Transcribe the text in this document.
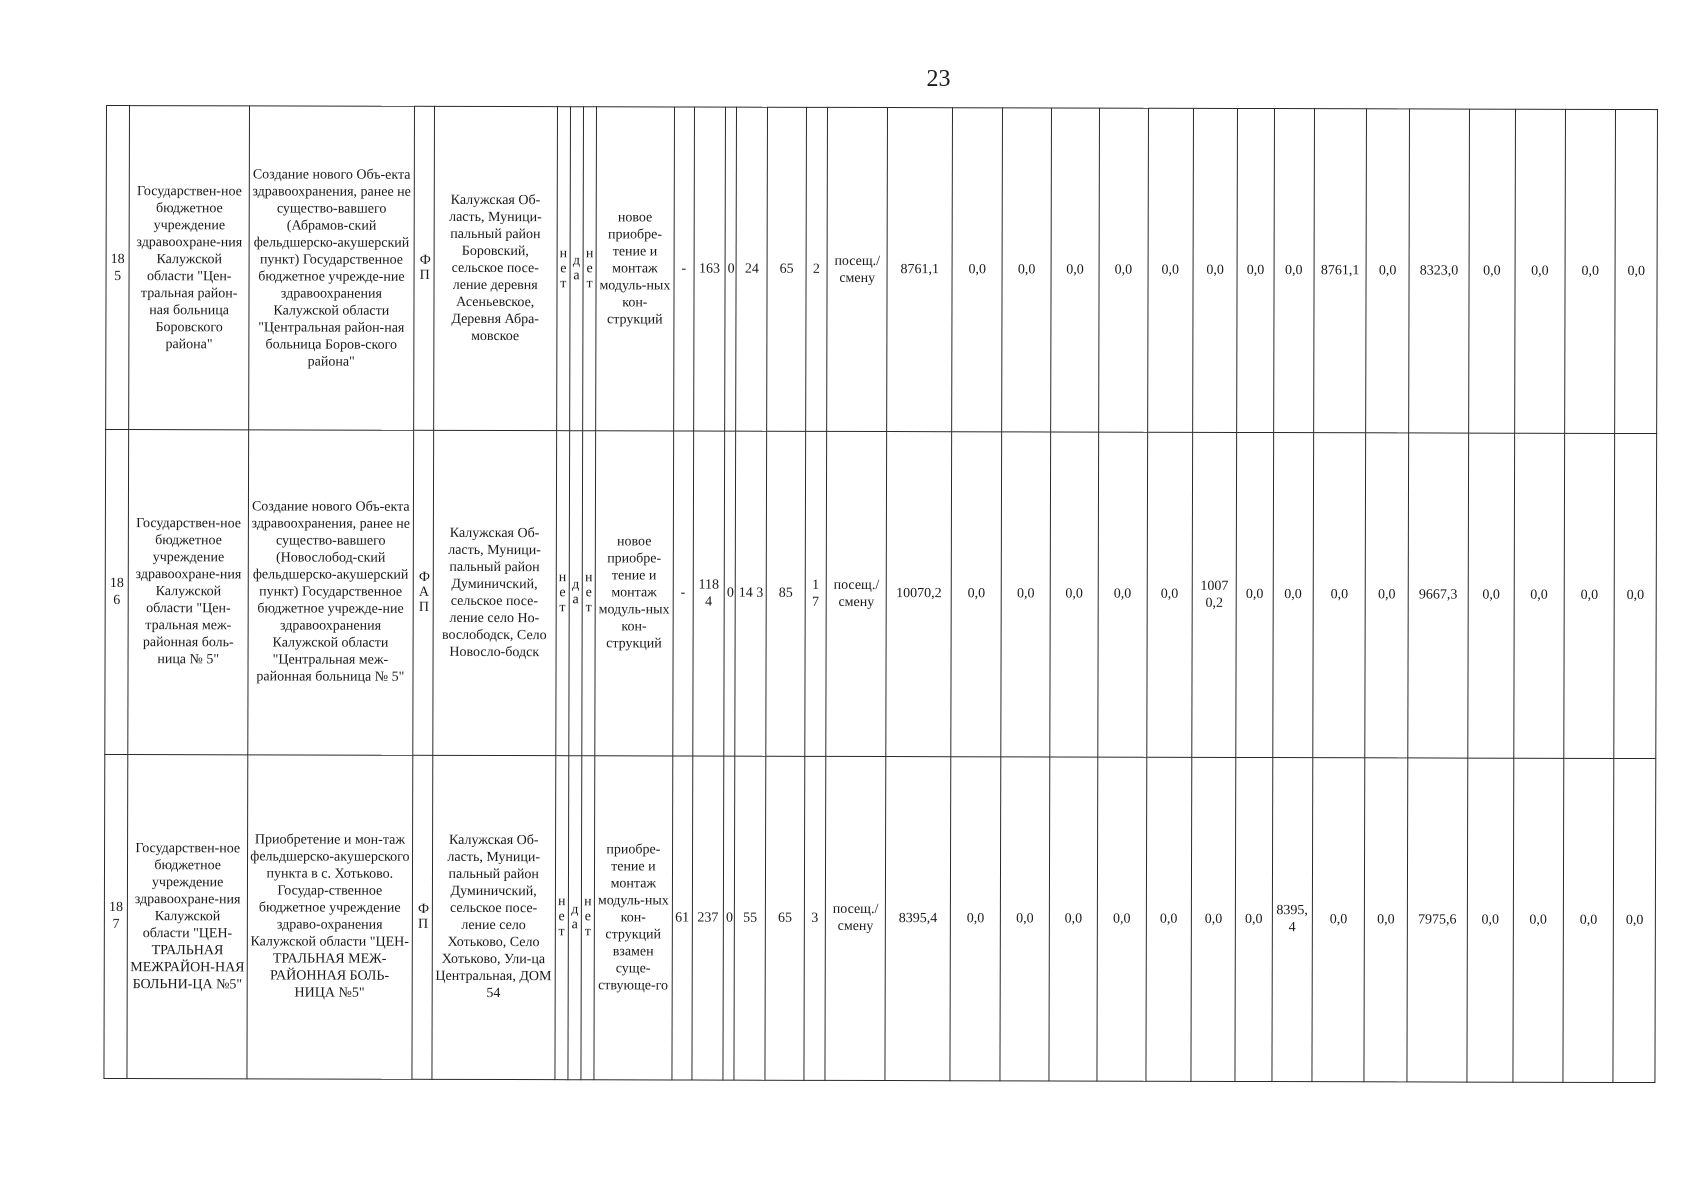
23
185	Государствен-ное бюджетное учреждение здравоохране-ния Калужской области "Цен-тральная район-ная больница Боровского района"	Создание нового Объ-екта здравоохранения, ранее не существо-вавшего (Абрамов-ский фельдшерско-акушерский пункт) Государственное бюджетное учрежде-ние здравоохранения Калужской области "Центральная район-ная больница Боров-ского района"	ФП	Калужская Об-ласть, Муници-пальный район Боровский, сельское посе-ление деревня Асеньевское, Деревня Абра-мовское	нет	да	нет	новое приобре-тение и монтаж модуль-ных кон-струкций	-	163	0	24	65	2	посещ./ смену	8761,1	0,0	0,0	0,0	0,0	0,0	0,0	0,0	0,0	8761,1	0,0	8323,0	0,0	0,0	0,0	0,0
186	Государствен-ное бюджетное учреждение здравоохране-ния Калужской области "Цен-тральная меж-районная боль-ница № 5"	Создание нового Объ-екта здравоохранения, ранее не существо-вавшего (Новослобод-ский фельдшерско-акушерский пункт) Государственное бюджетное учрежде-ние здравоохранения Калужской области "Центральная меж-районная больница № 5"	ФАП	Калужская Об-ласть, Муници-пальный район Думиничский, сельское посе-ление село Но-вослободск, Село Новосло-бодск	нет	да	нет	новое приобре-тение и монтаж модуль-ных кон-струкций	-	118 4	0	14 3	85	1 7	посещ./ смену	10070,2	0,0	0,0	0,0	0,0	0,0	1007 0,2	0,0	0,0	0,0	0,0	9667,3	0,0	0,0	0,0	0,0
187	Государствен-ное бюджетное учреждение здравоохране-ния Калужской области "ЦЕН-ТРАЛЬНАЯ МЕЖРАЙОН-НАЯ БОЛЬНИ-ЦА №5"	Приобретение и мон-таж фельдшерско-акушерского пункта в с. Хотьково. Государ-ственное бюджетное учреждение здраво-охранения Калужской области "ЦЕН-ТРАЛЬНАЯ МЕЖ-РАЙОННАЯ БОЛЬ-НИЦА №5"	ФП	Калужская Об-ласть, Муници-пальный район Думиничский, сельское посе-ление село Хотьково, Село Хотьково, Ули-ца Центральная, ДОМ 54	нет	да	нет	приобре-тение и монтаж модуль-ных кон-струкций взамен суще-ствующе-го	61	237	0	55	65	3	посещ./ смену	8395,4	0,0	0,0	0,0	0,0	0,0	0,0	0,0	8395,4	0,0	0,0	7975,6	0,0	0,0	0,0	0,0
